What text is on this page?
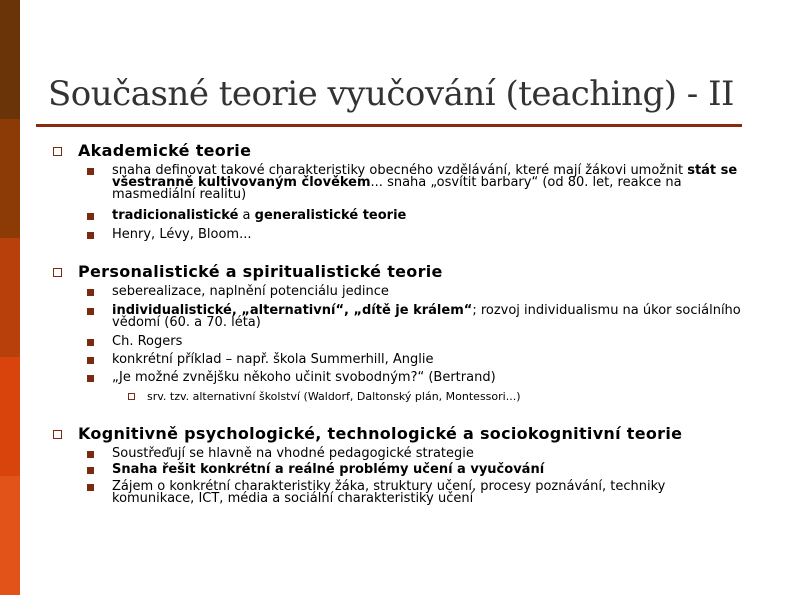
Současné teorie vyučování (teaching) - II
Akademické teorie
snaha definovat takové charakteristiky obecného vzdělávání, které mají žákovi umožnit stát se všestranně kultivovaným člověkem... snaha „osvítit barbary“ (od 80. let, reakce na masmediální realitu)
tradicionalistické a generalistické teorie
Henry, Lévy, Bloom...
Personalistické a spiritualistické teorie
seberealizace, naplnění potenciálu jedince
individualistické, „alternativní“, „dítě je králem“; rozvoj individualismu na úkor sociálního vědomí (60. a 70. léta)
Ch. Rogers
konkrétní příklad – např. škola Summerhill, Anglie
„Je možné zvnějšku někoho učinit svobodným?“ (Bertrand)
srv. tzv. alternativní školství (Waldorf, Daltonský plán, Montessori...)
Kognitivně psychologické, technologické a sociokognitivní teorie
Soustřeďují se hlavně na vhodné pedagogické strategie
Snaha řešit konkrétní a reálné problémy učení a vyučování
Zájem o konkrétní charakteristiky žáka, struktury učení, procesy poznávání, techniky komunikace, ICT, média a sociální charakteristiky učení
